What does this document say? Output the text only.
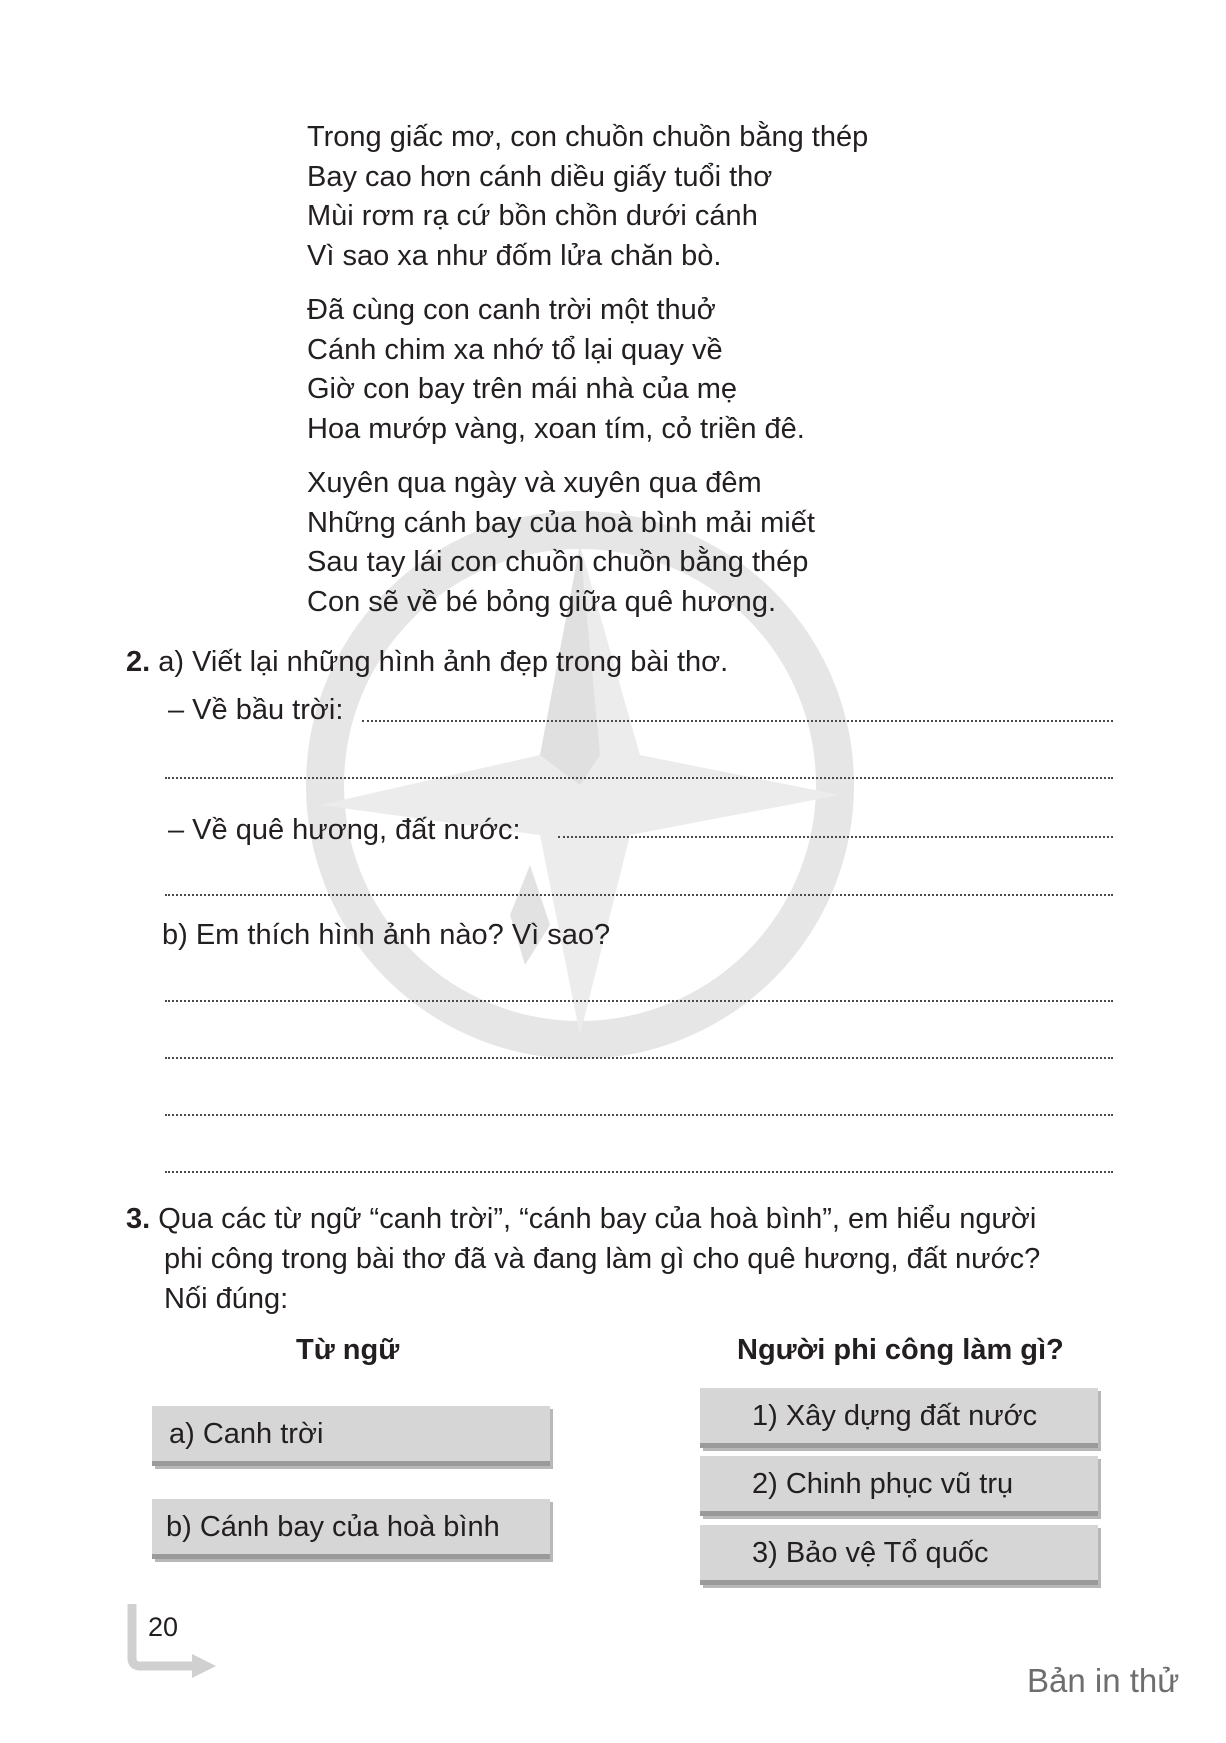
Trong giấc mơ, con chuồn chuồn bằng thép
Bay cao hơn cánh diều giấy tuổi thơ
Mùi rơm rạ cứ bồn chồn dưới cánh
Vì sao xa như đốm lửa chăn bò.
Đã cùng con canh trời một thuở
Cánh chim xa nhớ tổ lại quay về
Giờ con bay trên mái nhà của mẹ
Hoa mướp vàng, xoan tím, cỏ triền đê.
Xuyên qua ngày và xuyên qua đêm
Những cánh bay của hoà bình mải miết
Sau tay lái con chuồn chuồn bằng thép
Con sẽ về bé bỏng giữa quê hương.
2. a) Viết lại những hình ảnh đẹp trong bài thơ.
– Về bầu trời:
– Về quê hương, đất nước:
b) Em thích hình ảnh nào? Vì sao?
3. Qua các từ ngữ “canh trời”, “cánh bay của hoà bình”, em hiểu người
phi công trong bài thơ đã và đang làm gì cho quê hương, đất nước?
Nối đúng:
Từ ngữ	Người phi công làm gì?
a) Canh trời
b) Cánh bay của hoà bình
1) Xây dựng đất nước
2) Chinh phục vũ trụ
3) Bảo vệ Tổ quốc
20
Bản in thử
